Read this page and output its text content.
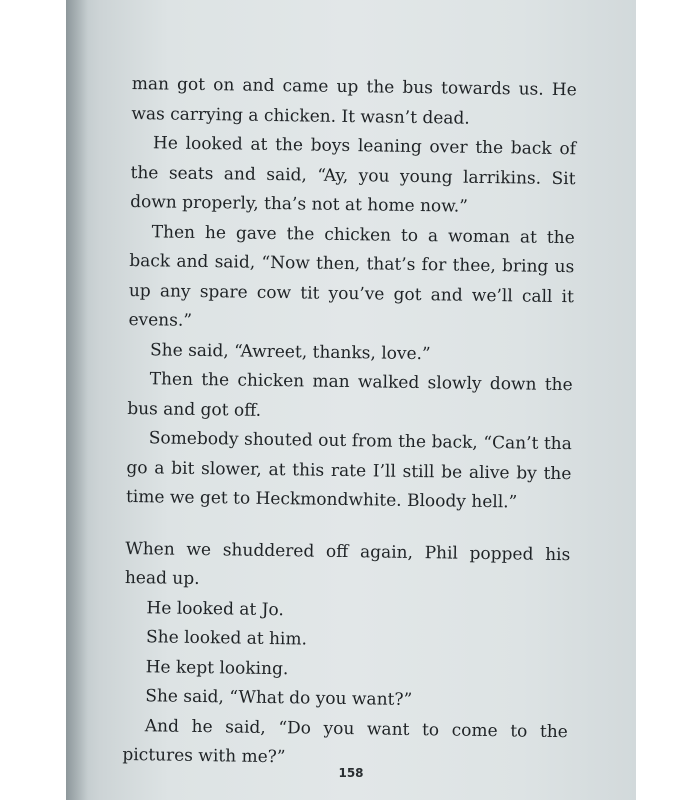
man got on and came up the bus towards us. He was carrying a chicken. It wasn’t dead.

He looked at the boys leaning over the back of the seats and said, “Ay, you young larrikins. Sit down properly, tha’s not at home now.”

Then he gave the chicken to a woman at the back and said, “Now then, that’s for thee, bring us up any spare cow tit you’ve got and we’ll call it evens.”

She said, “Awreet, thanks, love.”

Then the chicken man walked slowly down the bus and got off.

Somebody shouted out from the back, “Can’t tha go a bit slower, at this rate I’ll still be alive by the time we get to Heckmondwhite. Bloody hell.”

When we shuddered off again, Phil popped his head up.

He looked at Jo.

She looked at him.

He kept looking.

She said, “What do you want?”

And he said, “Do you want to come to the pictures with me?”

158
